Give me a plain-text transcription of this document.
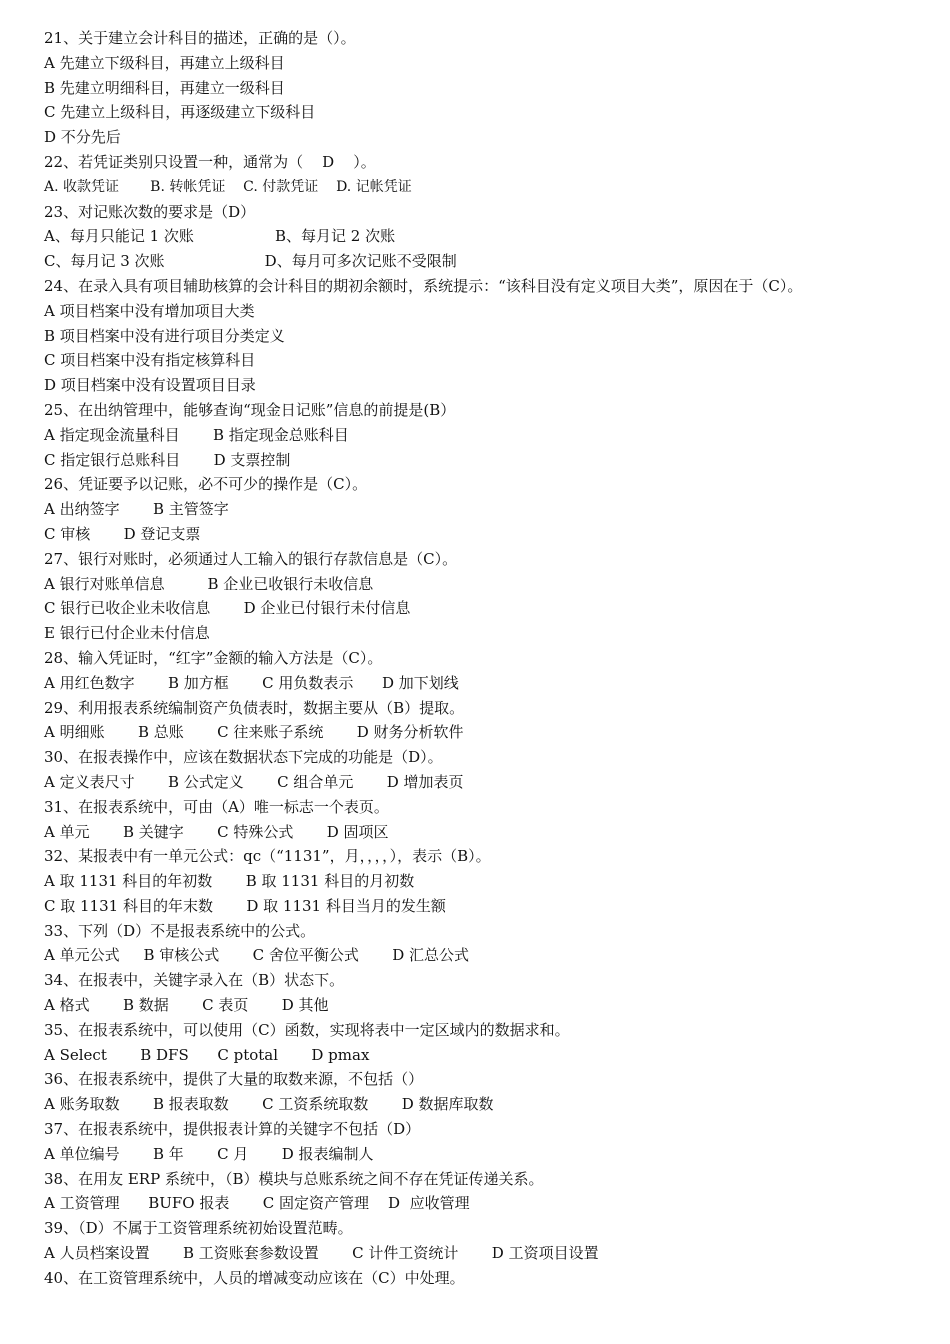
21、关于建立会计科目的描述，正确的是（）。
A 先建立下级科目，再建立上级科目
B 先建立明细科目，再建立一级科目
C 先建立上级科目，再逐级建立下级科目
D 不分先后
22、若凭证类别只设置一种，通常为（    D    ）。
A. 收款凭证       B. 转帐凭证    C. 付款凭证    D. 记帐凭证
23、对记账次数的要求是（D）
A、每月只能记 1 次账                 B、每月记 2 次账
C、每月记 3 次账                     D、每月可多次记账不受限制
24、在录入具有项目辅助核算的会计科目的期初余额时，系统提示：“该科目没有定义项目大类”，原因在于（C）。
A 项目档案中没有增加项目大类
B 项目档案中没有进行项目分类定义
C 项目档案中没有指定核算科目
D 项目档案中没有设置项目目录
25、在出纳管理中，能够查询“现金日记账”信息的前提是(B）
A 指定现金流量科目       B 指定现金总账科目
C 指定银行总账科目       D 支票控制
26、凭证要予以记账，必不可少的操作是（C）。
A 出纳签字       B 主管签字
C 审核       D 登记支票
27、银行对账时，必须通过人工输入的银行存款信息是（C）。
A 银行对账单信息         B 企业已收银行未收信息
C 银行已收企业未收信息       D 企业已付银行未付信息
E 银行已付企业未付信息
28、输入凭证时，“红字”金额的输入方法是（C）。
A 用红色数字       B 加方框       C 用负数表示      D 加下划线
29、利用报表系统编制资产负债表时，数据主要从（B）提取。
A 明细账       B 总账       C 往来账子系统       D 财务分析软件
30、在报表操作中，应该在数据状态下完成的功能是（D）。
A 定义表尺寸       B 公式定义       C 组合单元       D 增加表页
31、在报表系统中，可由（A）唯一标志一个表页。
A 单元       B 关键字       C 特殊公式       D 固项区
32、某报表中有一单元公式：qc（“1131”，月，，，，），表示（B）。
A 取 1131 科目的年初数       B 取 1131 科目的月初数
C 取 1131 科目的年末数       D 取 1131 科目当月的发生额
33、下列（D）不是报表系统中的公式。
A 单元公式     B 审核公式       C 舍位平衡公式       D 汇总公式
34、在报表中，关键字录入在（B）状态下。
A 格式       B 数据       C 表页       D 其他
35、在报表系统中，可以使用（C）函数，实现将表中一定区域内的数据求和。
A Select       B DFS      C ptotal       D pmax
36、在报表系统中，提供了大量的取数来源，不包括（）
A 账务取数       B 报表取数       C 工资系统取数       D 数据库取数
37、在报表系统中，提供报表计算的关键字不包括（D）
A 单位编号       B 年       C 月       D 报表编制人
38、在用友 ERP 系统中，（B）模块与总账系统之间不存在凭证传递关系。
A 工资管理      BUFO 报表       C 固定资产管理    D  应收管理
39、（D）不属于工资管理系统初始设置范畴。
A 人员档案设置       B 工资账套参数设置       C 计件工资统计       D 工资项目设置
40、在工资管理系统中，人员的增减变动应该在（C）中处理。
